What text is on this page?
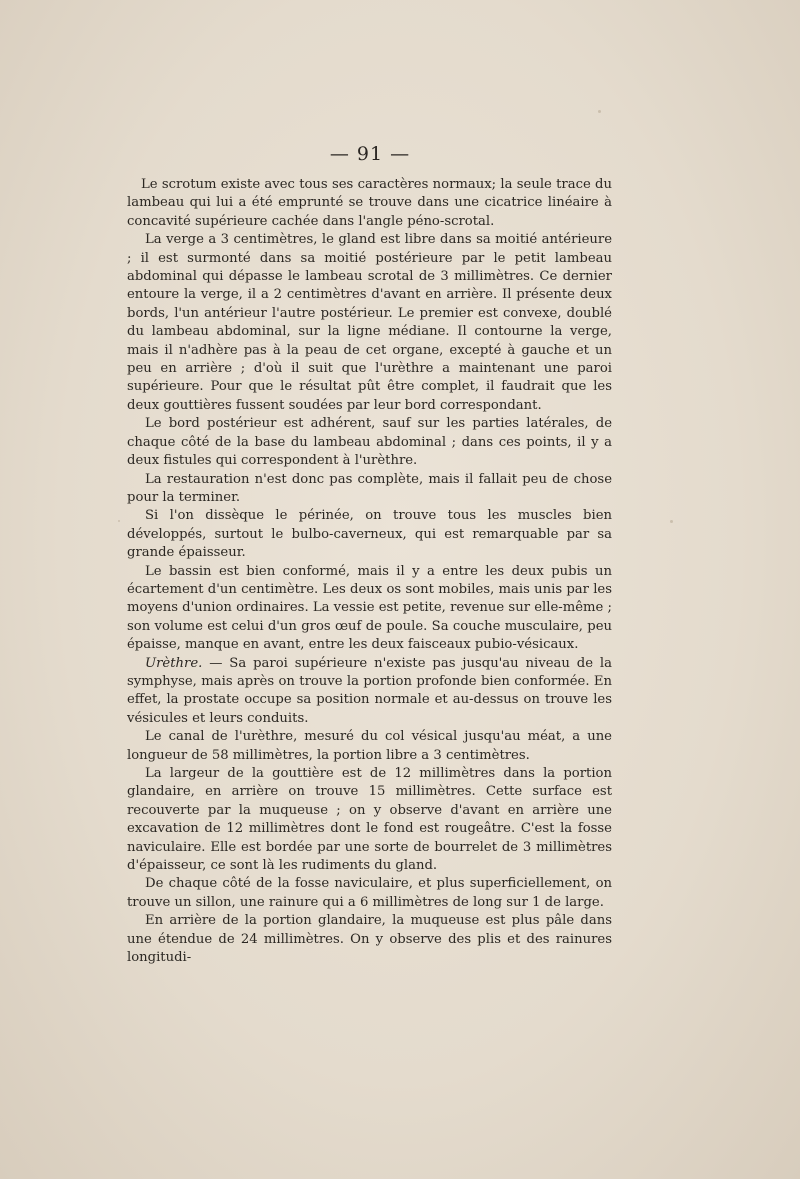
— 91 —

Le scrotum existe avec tous ses caractères normaux; la seule trace du lambeau qui lui a été emprunté se trouve dans une cicatrice linéaire à concavité supérieure cachée dans l'angle péno-scrotal.

La verge a 3 centimètres, le gland est libre dans sa moitié antérieure ; il est surmonté dans sa moitié postérieure par le petit lambeau abdominal qui dépasse le lambeau scrotal de 3 millimètres. Ce dernier entoure la verge, il a 2 centimètres d'avant en arrière. Il présente deux bords, l'un antérieur l'autre postérieur. Le premier est convexe, doublé du lambeau abdominal, sur la ligne médiane. Il contourne la verge, mais il n'adhère pas à la peau de cet organe, excepté à gauche et un peu en arrière ; d'où il suit que l'urèthre a maintenant une paroi supérieure. Pour que le résultat pût être complet, il faudrait que les deux gouttières fussent soudées par leur bord correspondant.

Le bord postérieur est adhérent, sauf sur les parties latérales, de chaque côté de la base du lambeau abdominal ; dans ces points, il y a deux fistules qui correspondent à l'urèthre.

La restauration n'est donc pas complète, mais il fallait peu de chose pour la terminer.

Si l'on dissèque le périnée, on trouve tous les muscles bien développés, surtout le bulbo-caverneux, qui est remarquable par sa grande épaisseur.

Le bassin est bien conformé, mais il y a entre les deux pubis un écartement d'un centimètre. Les deux os sont mobiles, mais unis par les moyens d'union ordinaires. La vessie est petite, revenue sur elle-même ; son volume est celui d'un gros œuf de poule. Sa couche musculaire, peu épaisse, manque en avant, entre les deux faisceaux pubio-vésicaux.

Urèthre. — Sa paroi supérieure n'existe pas jusqu'au niveau de la symphyse, mais après on trouve la portion profonde bien conformée. En effet, la prostate occupe sa position normale et au-dessus on trouve les vésicules et leurs conduits.

Le canal de l'urèthre, mesuré du col vésical jusqu'au méat, a une longueur de 58 millimètres, la portion libre a 3 centimètres.

La largeur de la gouttière est de 12 millimètres dans la portion glandaire, en arrière on trouve 15 millimètres. Cette surface est recouverte par la muqueuse ; on y observe d'avant en arrière une excavation de 12 millimètres dont le fond est rougeâtre. C'est la fosse naviculaire. Elle est bordée par une sorte de bourrelet de 3 millimètres d'épaisseur, ce sont là les rudiments du gland.

De chaque côté de la fosse naviculaire, et plus superficiellement, on trouve un sillon, une rainure qui a 6 millimètres de long sur 1 de large.

En arrière de la portion glandaire, la muqueuse est plus pâle dans une étendue de 24 millimètres. On y observe des plis et des rainures longitudi-
